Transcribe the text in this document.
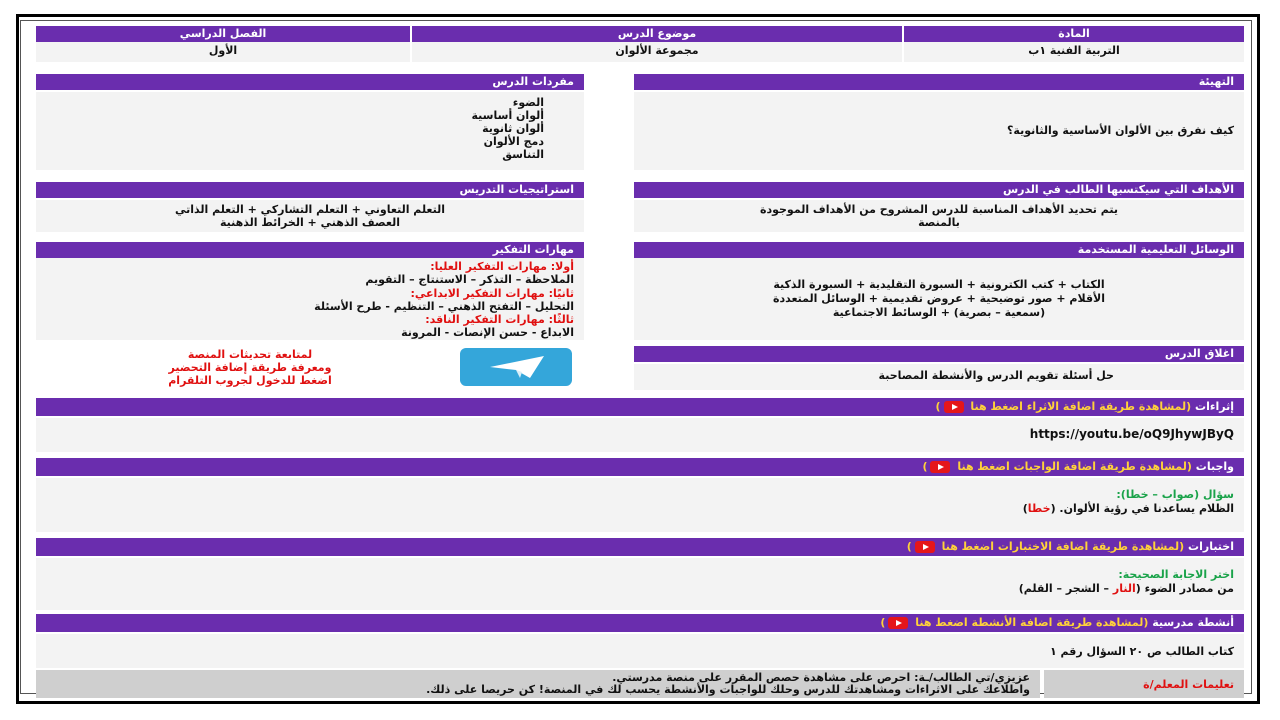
المادة
التربية الفنية ١ب
موضوع الدرس
مجموعة الألوان
الفصل الدراسي
الأول
مفردات الدرس
الضوء
ألوان أساسية
ألوان ثانوية
دمج الألوان
التناسق
التهيئة
كيف نفرق بين الألوان الأساسية والثانوية؟
استراتيجيات التدريس
التعلم التعاوني + التعلم التشاركي + التعلم الذاتي
العصف الذهني + الخرائط الذهنية
الأهداف التي سيكتسبها الطالب في الدرس
يتم تحديد الأهداف المناسبة للدرس المشروح من الأهداف الموجودة
بالمنصة
مهارات التفكير
أولا: مهارات التفكير العليا:
الملاحظة – التذكر – الاستنتاج – التقويم
ثانيًا: مهارات التفكير الابداعي:
التحليل – التفتح الذهني – التنظيم - طرح الأسئلة
ثالثًا: مهارات التفكير الناقد:
الابداع - حسن الإنصات - المرونة
الوسائل التعليمية المستخدمة
الكتاب + كتب الكترونية + السبورة التقليدية + السبورة الذكية
الأقلام + صور توضيحية + عروض تقديمية + الوسائل المتعددة
(سمعية – بصرية) + الوسائط الاجتماعية
لمتابعة تحديثات المنصة
ومعرفة طريقة إضافة التحضير
اضغط للدخول لجروب التلقرام
اغلاق الدرس
حل أسئلة تقويم الدرس والأنشطة المصاحبة
إثراءات (لمشاهدة طريقة اضافة الاثراء اضغط هنا )
https://youtu.be/oQ9JhywJByQ
واجبات (لمشاهدة طريقة اضافة الواجبات اضغط هنا )
سؤال (صواب – خطا):
الظلام يساعدنا في رؤية الألوان. (خطا)
اختبارات (لمشاهدة طريقة اضافة الاختبارات اضغط هنا )
اختر الاجابة الصحيحة:
من مصادر الضوء (النار – الشجر – القلم)
أنشطة مدرسية (لمشاهدة طريقة اضافة الأنشطة اضغط هنا )
كتاب الطالب ص ٢٠ السؤال رقم ١
تعليمات المعلم/ة
عزيزي/تي الطالب/ـة: احرص على مشاهدة حصص المقرر على منصة مدرستي.
واطلاعك على الاثراءات ومشاهدتك للدرس وحلك للواجبات والأنشطة يحسب لك في المنصة! كن حريصا على ذلك.
